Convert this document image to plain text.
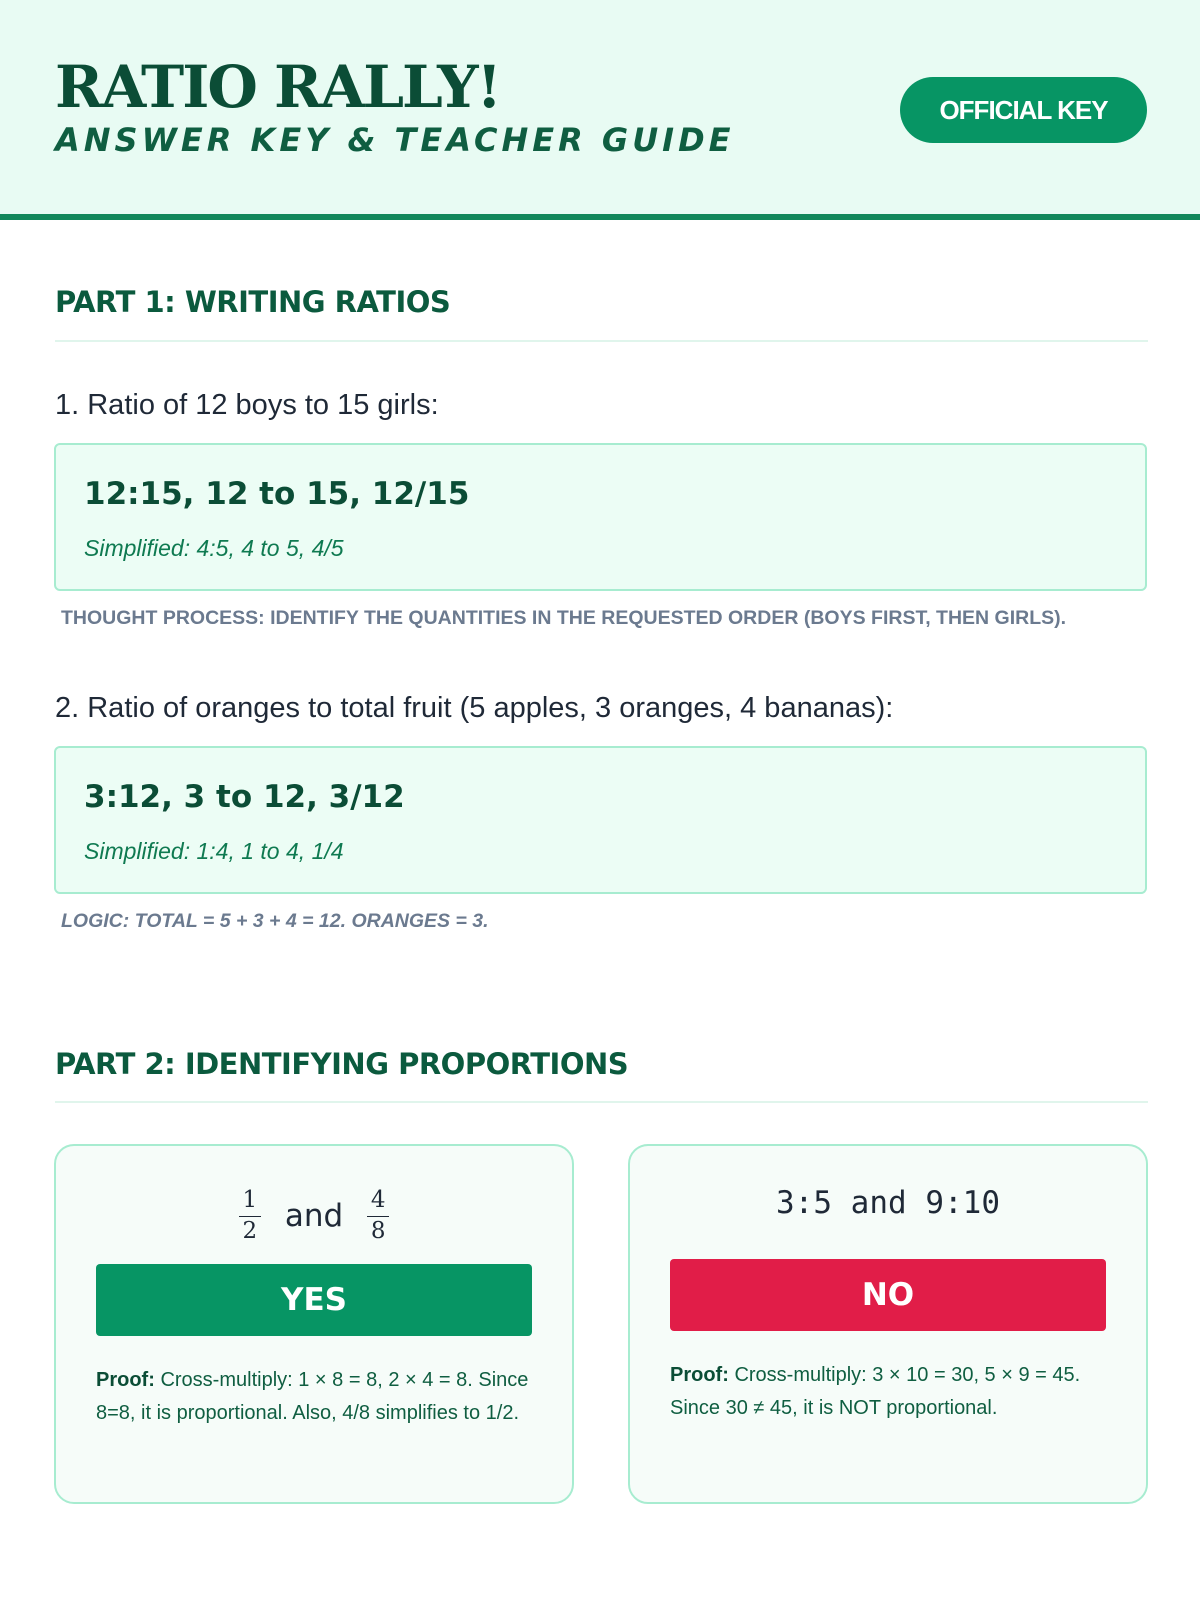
RATIO RALLY!
ANSWER KEY & TEACHER GUIDE
OFFICIAL KEY
PART 1: WRITING RATIOS
1. Ratio of 12 boys to 15 girls:
12:15, 12 to 15, 12/15
Simplified: 4:5, 4 to 5, 4/5
THOUGHT PROCESS: IDENTIFY THE QUANTITIES IN THE REQUESTED ORDER (BOYS FIRST, THEN GIRLS).
2. Ratio of oranges to total fruit (5 apples, 3 oranges, 4 bananas):
3:12, 3 to 12, 3/12
Simplified: 1:4, 1 to 4, 1/4
LOGIC: TOTAL = 5 + 3 + 4 = 12. ORANGES = 3.
PART 2: IDENTIFYING PROPORTIONS
$\frac{1}{2}$ and $\frac{4}{8}$
YES
Proof: Cross-multiply: 1 × 8 = 8, 2 × 4 = 8. Since 8=8, it is proportional. Also, 4/8 simplifies to 1/2.
3:5 and 9:10
NO
Proof: Cross-multiply: 3 × 10 = 30, 5 × 9 = 45. Since 30 ≠ 45, it is NOT proportional.
